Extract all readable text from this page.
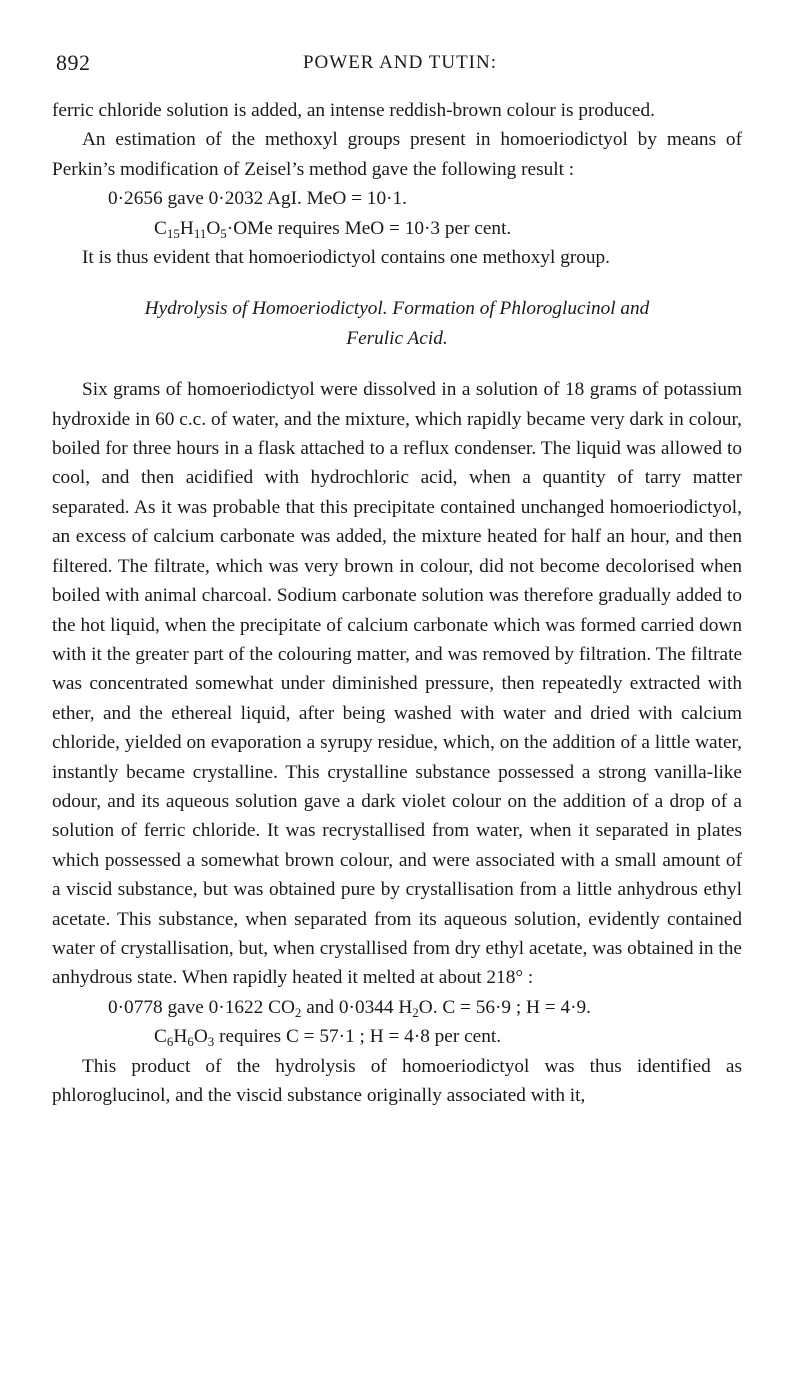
892	POWER AND TUTIN:

ferric chloride solution is added, an intense reddish-brown colour is produced.

An estimation of the methoxyl groups present in homoeriodictyol by means of Perkin’s modification of Zeisel’s method gave the following result :

0·2656 gave 0·2032 AgI. MeO = 10·1.

$C_{15}H_{11}O_5\cdot OMe$ requires MeO = 10·3 per cent.

It is thus evident that homoeriodictyol contains one methoxyl group.

Hydrolysis of Homoeriodictyol. Formation of Phloroglucinol and
Ferulic Acid.

Six grams of homoeriodictyol were dissolved in a solution of 18 grams of potassium hydroxide in 60 c.c. of water, and the mixture, which rapidly became very dark in colour, boiled for three hours in a flask attached to a reflux condenser. The liquid was allowed to cool, and then acidified with hydrochloric acid, when a quantity of tarry matter separated. As it was probable that this precipitate contained unchanged homoeriodictyol, an excess of calcium carbonate was added, the mixture heated for half an hour, and then filtered. The filtrate, which was very brown in colour, did not become decolorised when boiled with animal charcoal. Sodium carbonate solution was therefore gradually added to the hot liquid, when the precipitate of calcium carbonate which was formed carried down with it the greater part of the colouring matter, and was removed by filtration. The filtrate was concentrated somewhat under diminished pressure, then repeatedly extracted with ether, and the ethereal liquid, after being washed with water and dried with calcium chloride, yielded on evaporation a syrupy residue, which, on the addition of a little water, instantly became crystalline. This crystalline substance possessed a strong vanilla-like odour, and its aqueous solution gave a dark violet colour on the addition of a drop of a solution of ferric chloride. It was recrystallised from water, when it separated in plates which possessed a somewhat brown colour, and were associated with a small amount of a viscid substance, but was obtained pure by crystallisation from a little anhydrous ethyl acetate. This substance, when separated from its aqueous solution, evidently contained water of crystallisation, but, when crystallised from dry ethyl acetate, was obtained in the anhydrous state. When rapidly heated it melted at about 218° :

0·0778 gave 0·1622 $CO_2$ and 0·0344 $H_2O$. C = 56·9 ; H = 4·9.

$C_6H_6O_3$ requires C = 57·1 ; H = 4·8 per cent.

This product of the hydrolysis of homoeriodictyol was thus identified as phloroglucinol, and the viscid substance originally associated with it,
